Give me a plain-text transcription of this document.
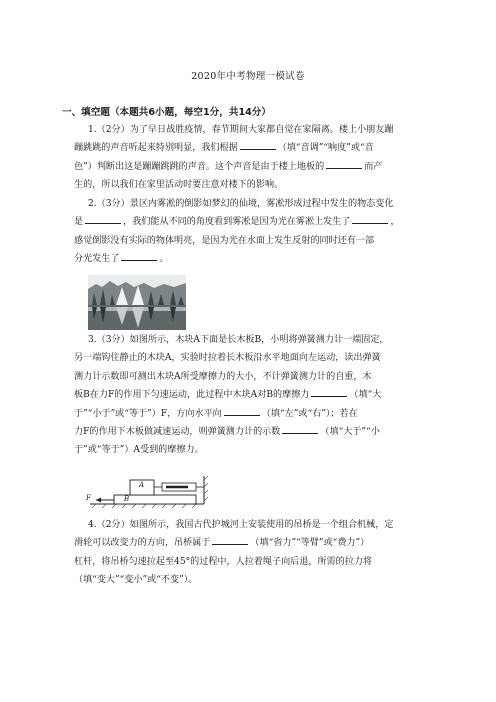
2020年中考物理一模试卷
一、填空题（本题共6小题，每空1分，共14分）
1.（2分）为了早日战胜疫情，春节期间大家都自觉在家隔离。楼上小朋友蹦
蹦跳跳的声音听起来特别明显，我们根据	（填“音调”“响度”或“音
色”）判断出这是蹦蹦跳跳的声音。这个声音是由于楼上地板的	而产
生的，所以我们在家里活动时要注意对楼下的影响。
2.（3分）景区内雾凇的倒影如梦幻的仙境，雾凇形成过程中发生的物态变化
是	，我们能从不同的角度看到雾凇是因为光在雾凇上发生了	，
感觉倒影没有实际的物体明亮，是因为光在水面上发生反射的同时还有一部
分光发生了	。
3.（3分）如图所示，木块A下面是长木板B，小明将弹簧测力计一端固定，
另一端钩住静止的木块A，实验时拉着长木板沿水平地面向左运动，读出弹簧
测力计示数即可测出木块A所受摩擦力的大小，不计弹簧测力计的自重，木
板B在力F的作用下匀速运动，此过程中木块A对B的摩擦力	（填“大
于”“小于”或“等于”）F，方向水平向	（填“左”或“右”）；若在
力F的作用下木板做减速运动，则弹簧测力计的示数	（填“大于”“小
于”或“等于”）A受到的摩擦力。
F
A
B
4.（2分）如图所示，我国古代护城河上安装使用的吊桥是一个组合机械，定
滑轮可以改变力的方向，吊桥属于	（填“省力”“等臂”或“费力”）
杠杆，将吊桥匀速拉起至45°的过程中，人拉着绳子向后退，所需的拉力将
（填“变大”“变小”或“不变”）。
